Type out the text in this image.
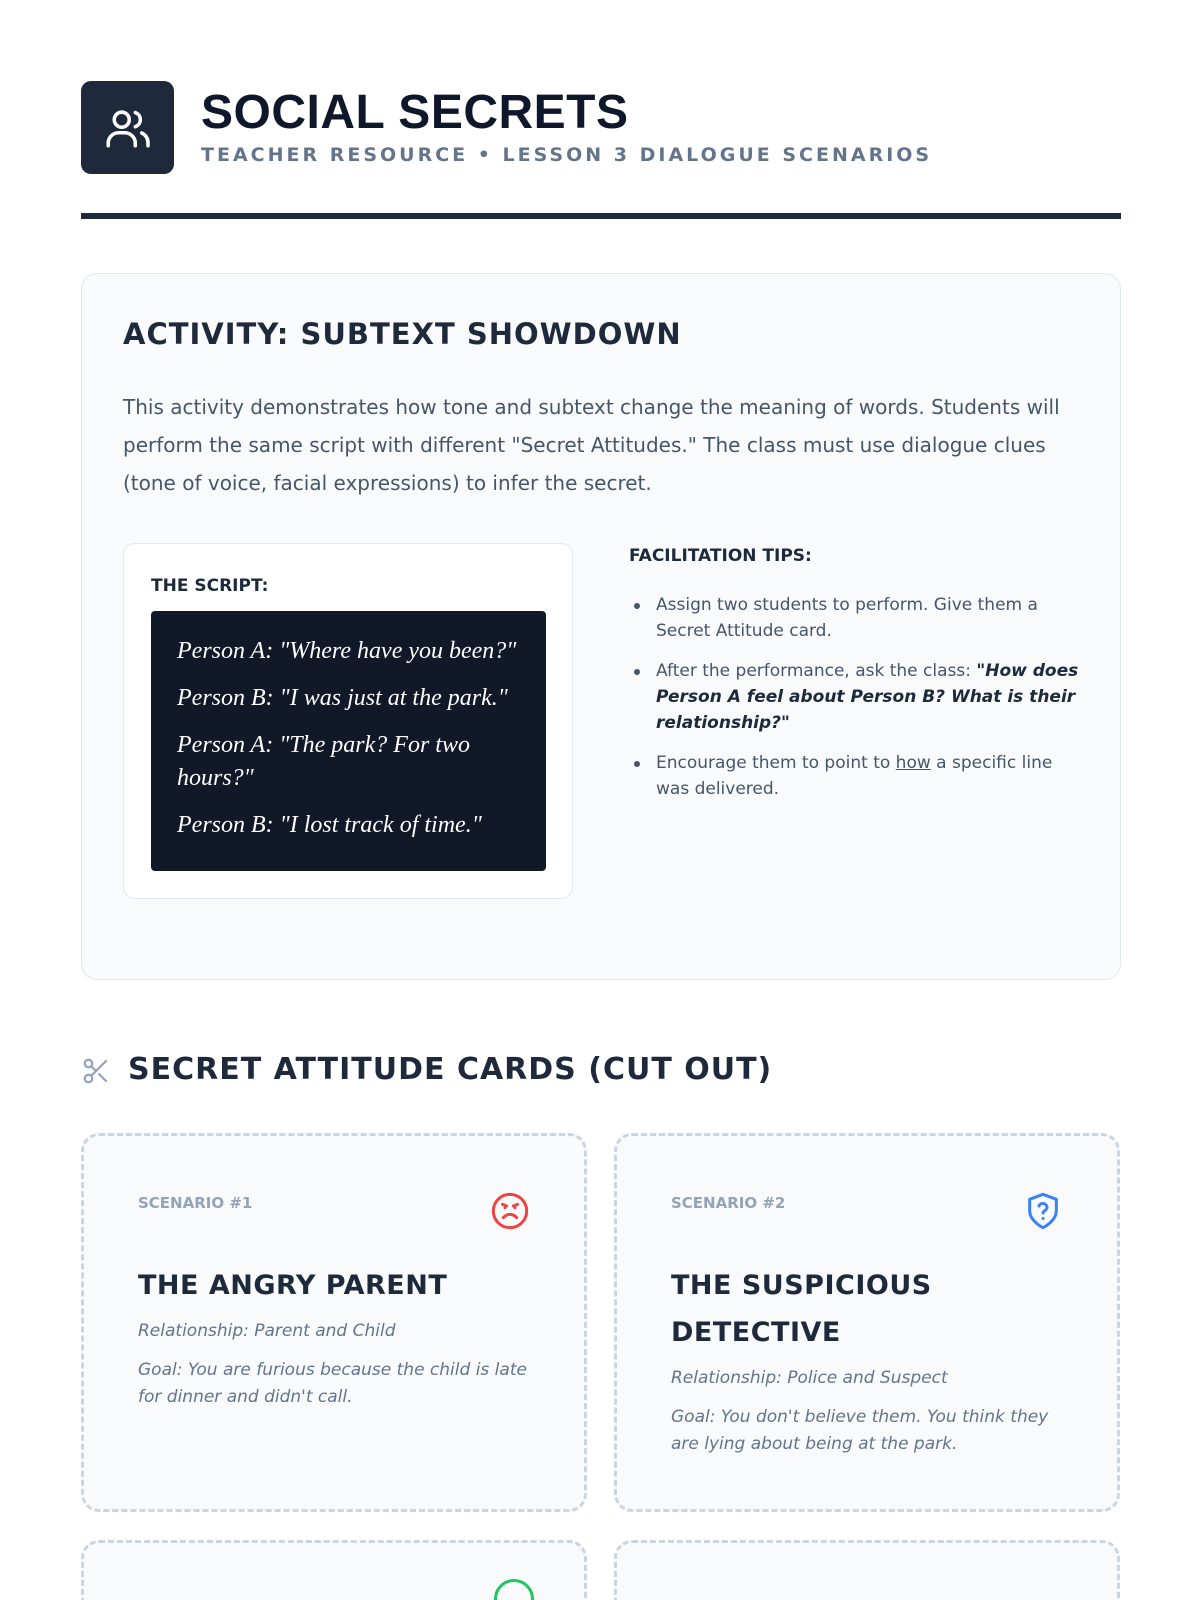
SOCIAL SECRETS
TEACHER RESOURCE • LESSON 3 DIALOGUE SCENARIOS
ACTIVITY: SUBTEXT SHOWDOWN
This activity demonstrates how tone and subtext change the meaning of words. Students will perform the same script with different "Secret Attitudes." The class must use dialogue clues (tone of voice, facial expressions) to infer the secret.
THE SCRIPT:
Person A: "Where have you been?"
Person B: "I was just at the park."
Person A: "The park? For two hours?"
Person B: "I lost track of time."
FACILITATION TIPS:
Assign two students to perform. Give them a Secret Attitude card.
After the performance, ask the class: "How does Person A feel about Person B? What is their relationship?"
Encourage them to point to how a specific line was delivered.
SECRET ATTITUDE CARDS (CUT OUT)
SCENARIO #1
THE ANGRY PARENT
Relationship: Parent and Child
Goal: You are furious because the child is late for dinner and didn't call.
SCENARIO #2
THE SUSPICIOUS DETECTIVE
Relationship: Police and Suspect
Goal: You don't believe them. You think they are lying about being at the park.
